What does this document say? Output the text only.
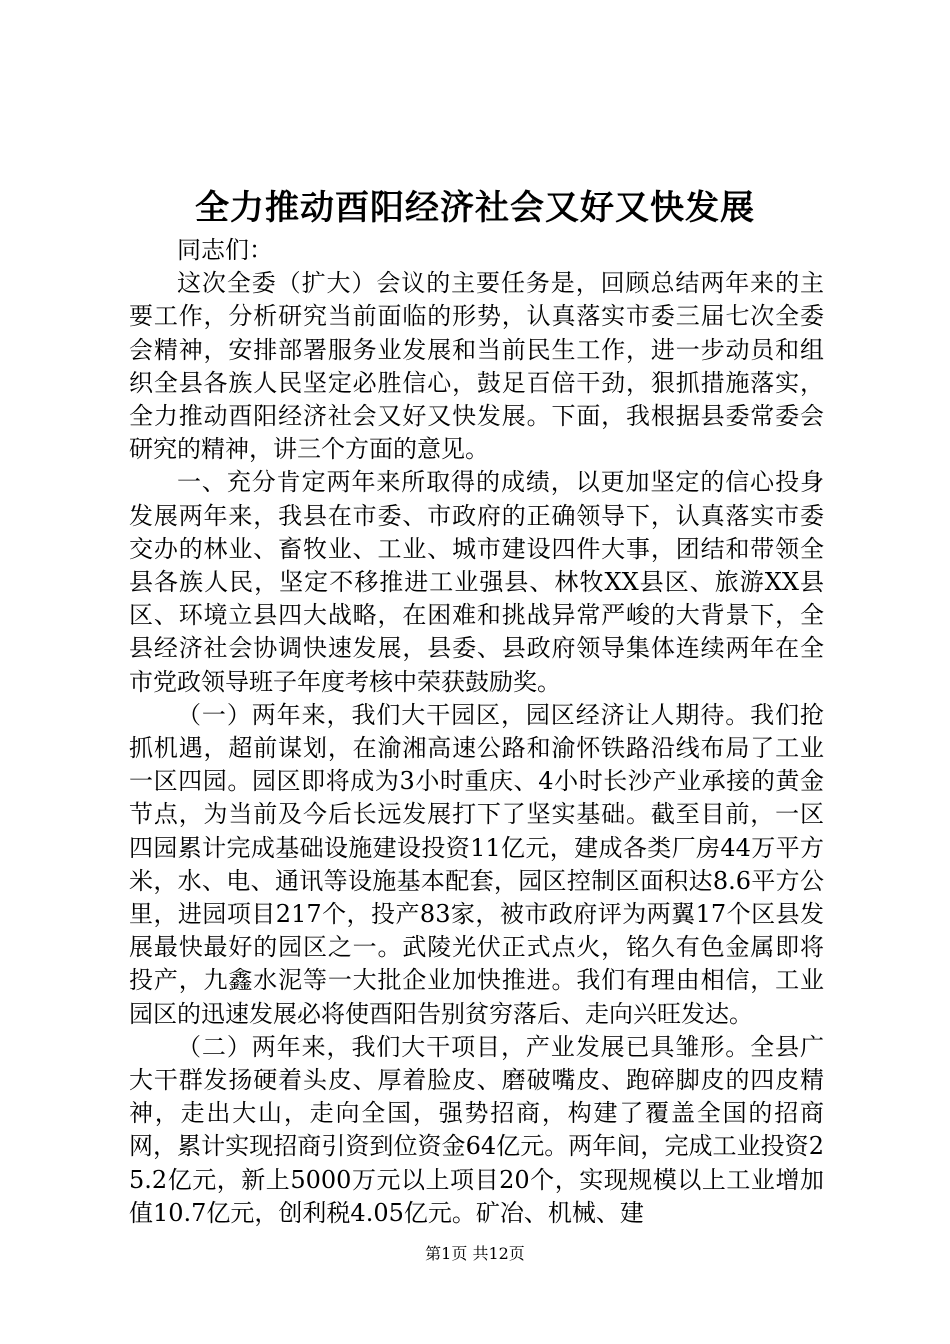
全力推动酉阳经济社会又好又快发展

同志们：

这次全委（扩大）会议的主要任务是，回顾总结两年来的主要工作，分析研究当前面临的形势，认真落实市委三届七次全委会精神，安排部署服务业发展和当前民生工作，进一步动员和组织全县各族人民坚定必胜信心，鼓足百倍干劲，狠抓措施落实，全力推动酉阳经济社会又好又快发展。下面，我根据县委常委会研究的精神，讲三个方面的意见。

一、充分肯定两年来所取得的成绩，以更加坚定的信心投身发展两年来，我县在市委、市政府的正确领导下，认真落实市委交办的林业、畜牧业、工业、城市建设四件大事，团结和带领全县各族人民，坚定不移推进工业强县、林牧XX县区、旅游XX县区、环境立县四大战略，在困难和挑战异常严峻的大背景下，全县经济社会协调快速发展，县委、县政府领导集体连续两年在全市党政领导班子年度考核中荣获鼓励奖。

（一）两年来，我们大干园区，园区经济让人期待。我们抢抓机遇，超前谋划，在渝湘高速公路和渝怀铁路沿线布局了工业一区四园。园区即将成为3小时重庆、4小时长沙产业承接的黄金节点，为当前及今后长远发展打下了坚实基础。截至目前，一区四园累计完成基础设施建设投资11亿元，建成各类厂房44万平方米，水、电、通讯等设施基本配套，园区控制区面积达8.6平方公里，进园项目217个，投产83家，被市政府评为两翼17个区县发展最快最好的园区之一。武陵光伏正式点火，铭久有色金属即将投产，九鑫水泥等一大批企业加快推进。我们有理由相信，工业园区的迅速发展必将使酉阳告别贫穷落后、走向兴旺发达。

（二）两年来，我们大干项目，产业发展已具雏形。全县广大干群发扬硬着头皮、厚着脸皮、磨破嘴皮、跑碎脚皮的四皮精神，走出大山，走向全国，强势招商，构建了覆盖全国的招商网，累计实现招商引资到位资金64亿元。两年间，完成工业投资25.2亿元，新上5000万元以上项目20个，实现规模以上工业增加值10.7亿元，创利税4.05亿元。矿冶、机械、建

第1页 共12页
